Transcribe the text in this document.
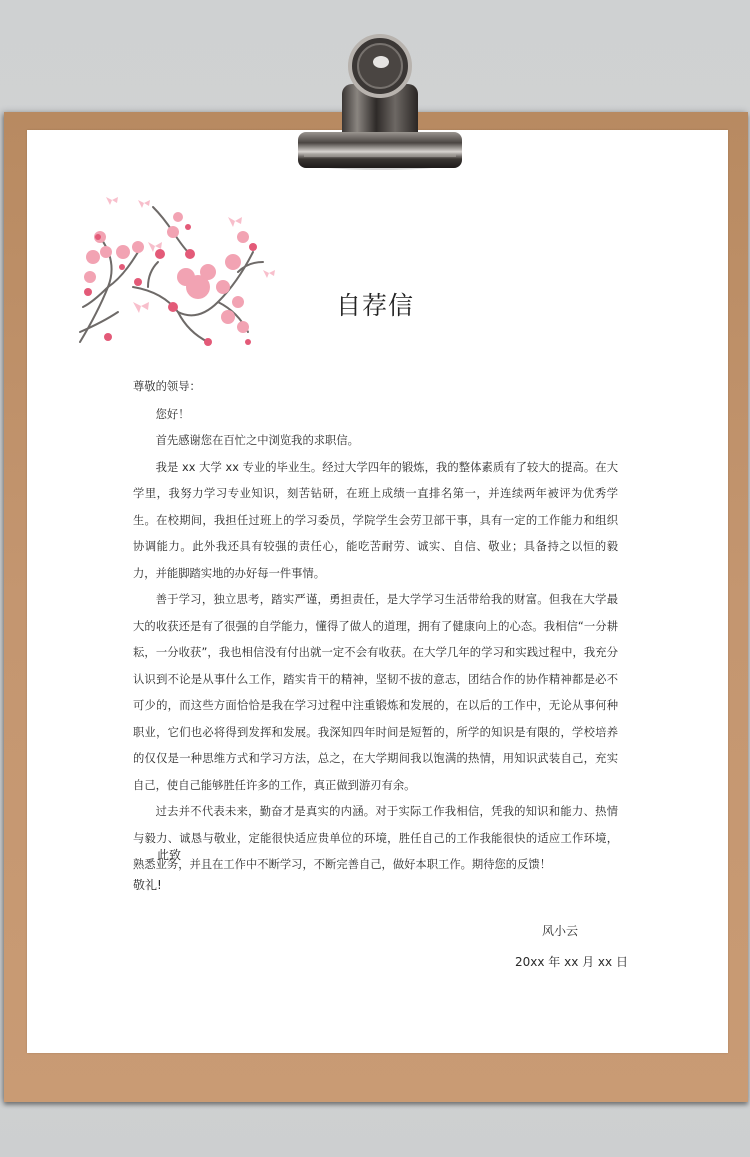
自荐信

尊敬的领导：

您好！

首先感谢您在百忙之中浏览我的求职信。

我是 xx 大学 xx 专业的毕业生。经过大学四年的锻炼，我的整体素质有了较大的提高。在大学里，我努力学习专业知识，刻苦钻研，在班上成绩一直排名第一，并连续两年被评为优秀学生。在校期间，我担任过班上的学习委员，学院学生会劳卫部干事，具有一定的工作能力和组织协调能力。此外我还具有较强的责任心，能吃苦耐劳、诚实、自信、敬业；具备持之以恒的毅力，并能脚踏实地的办好每一件事情。

善于学习，独立思考，踏实严谨，勇担责任，是大学学习生活带给我的财富。但我在大学最大的收获还是有了很强的自学能力，懂得了做人的道理，拥有了健康向上的心态。我相信“一分耕耘，一分收获”，我也相信没有付出就一定不会有收获。在大学几年的学习和实践过程中，我充分认识到不论是从事什么工作，踏实肯干的精神，坚韧不拔的意志，团结合作的协作精神都是必不可少的，而这些方面恰恰是我在学习过程中注重锻炼和发展的，在以后的工作中，无论从事何种职业，它们也必将得到发挥和发展。我深知四年时间是短暂的，所学的知识是有限的，学校培养的仅仅是一种思维方式和学习方法，总之，在大学期间我以饱满的热情，用知识武装自己，充实自己，使自己能够胜任许多的工作，真正做到游刃有余。

过去并不代表未来，勤奋才是真实的内涵。对于实际工作我相信，凭我的知识和能力、热情与毅力、诚恳与敬业，定能很快适应贵单位的环境，胜任自己的工作我能很快的适应工作环境，熟悉业务，并且在工作中不断学习，不断完善自己，做好本职工作。期待您的反馈！

此致
敬礼!
风小云
20xx 年 xx 月 xx 日
